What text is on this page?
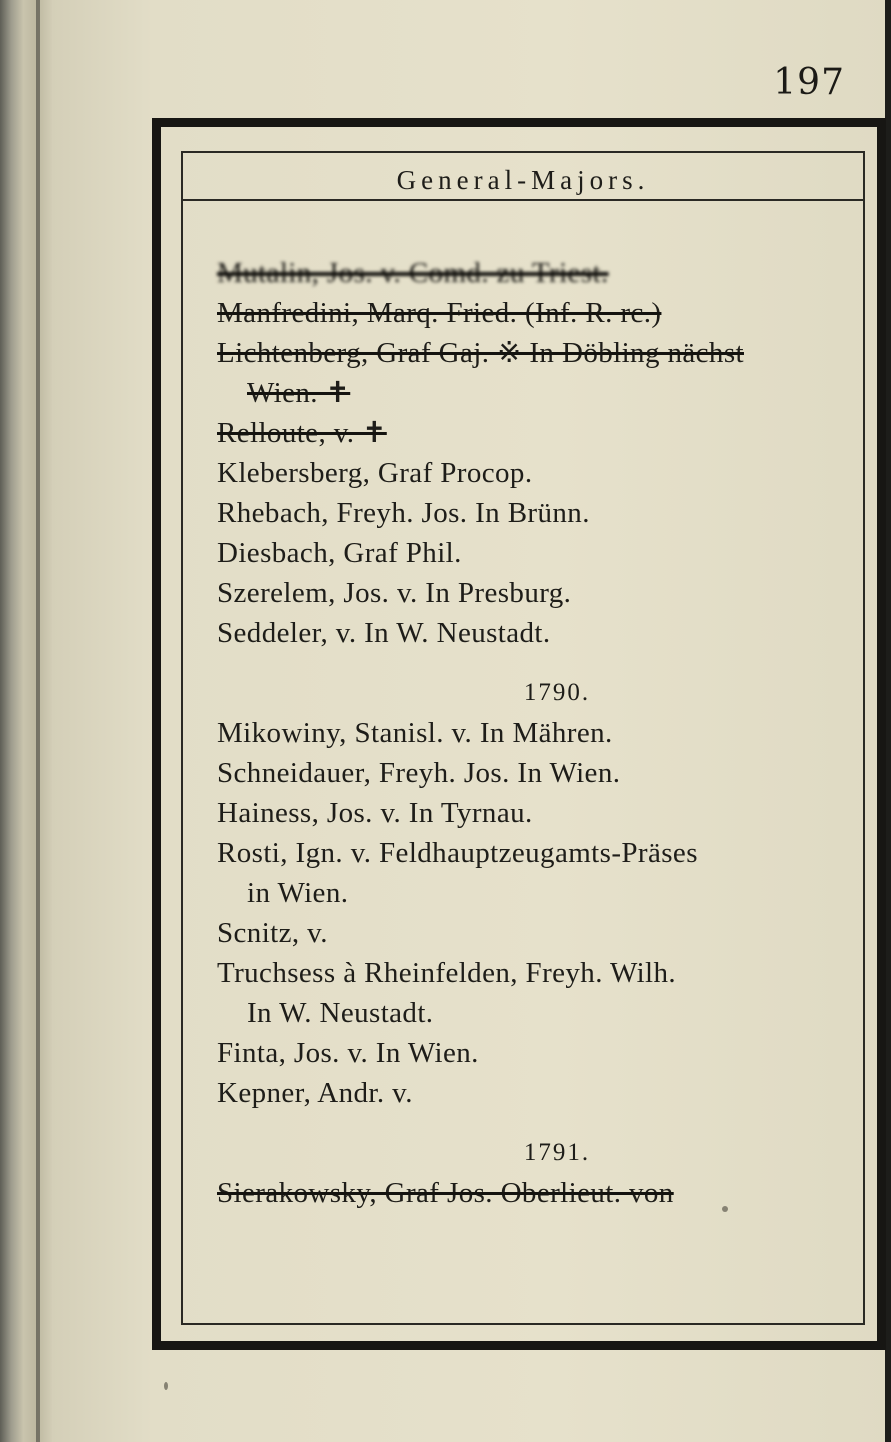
197
General-Majors.
Mutalin, Jos. v. Comd. zu Triest.
Manfredini, Marq. Fried. (Inf. R. rc.)
Lichtenberg, Graf Gaj. ※ In Döbling nächst
Wien. ✝
Relloute, v. ✝
Klebersberg, Graf Procop.
Rhebach, Freyh. Jos. In Brünn.
Diesbach, Graf Phil.
Szerelem, Jos. v. In Presburg.
Seddeler, v. In W. Neustadt.
1790.
Mikowiny, Stanisl. v. In Mähren.
Schneidauer, Freyh. Jos. In Wien.
Hainess, Jos. v. In Tyrnau.
Rosti, Ign. v. Feldhauptzeugamts-Präses
in Wien.
Scnitz, v.
Truchsess à Rheinfelden, Freyh. Wilh.
In W. Neustadt.
Finta, Jos. v. In Wien.
Kepner, Andr. v.
1791.
Sierakowsky, Graf Jos. Oberlieut. von
